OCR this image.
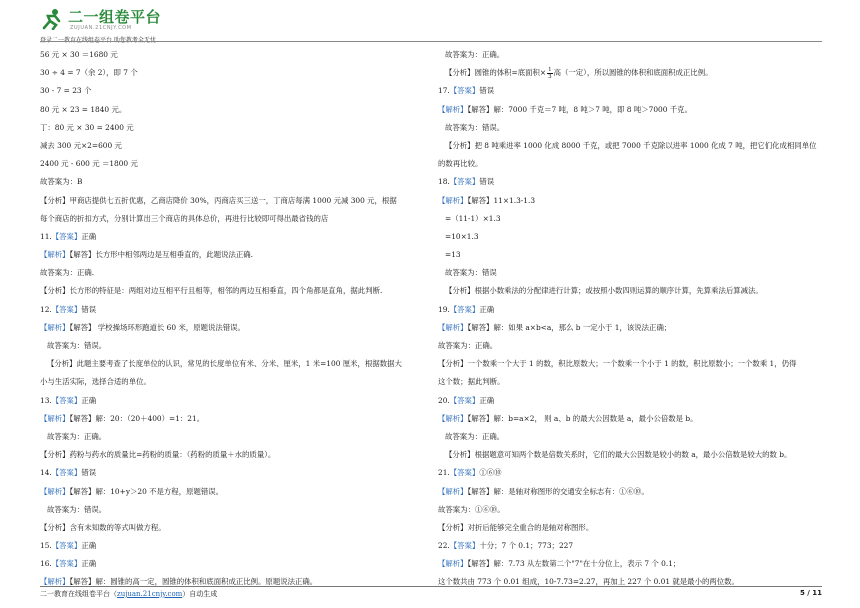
二一组卷平台
ZUJUAN.21CNJY.COM
登录二一教育在线组卷平台 助您教考全无忧
56 元 × 30 ＝1680 元
30 ÷ 4 = 7（余 2），即 7 个
30 - 7 = 23 个
80 元 × 23 = 1840 元。
丁：80 元 × 30 = 2400 元
减去 300 元×2=600 元
2400 元 - 600 元 ＝1800 元
故答案为：B
【分析】甲商店提供七五折优惠，乙商店降价 30%，丙商店买三送一，丁商店每满 1000 元减 300 元，根据
每个商店的折扣方式，分别计算出三个商店的具体总价，再进行比较即可得出最省钱的店
11.【答案】正确
【解析】【解答】长方形中相邻两边是互相垂直的，此题说法正确.
故答案为：正确.
【分析】长方形的特征是：两组对边互相平行且相等，相邻的两边互相垂直，四个角都是直角，据此判断.
12.【答案】错误
【解析】【解答】 学校操场环形跑道长 60 米，原题说法错误。
故答案为：错误。
【分析】此题主要考查了长度单位的认识，常见的长度单位有米、分米、厘米，1 米=100 厘米，根据数据大
小与生活实际，选择合适的单位。
13.【答案】正确
【解析】【解答】解：20：（20＋400）=1：21。
故答案为：正确。
【分析】药粉与药水的质量比=药粉的质量：（药粉的质量＋水的质量）。
14.【答案】错误
【解析】【解答】解：10+y＞20 不是方程，原题错误。
故答案为：错误。
【分析】含有未知数的等式叫做方程。
15.【答案】正确
16.【答案】正确
【解析】【解答】解：圆锥的高一定，圆锥的体积和底面积成正比例。原题说法正确。
故答案为：正确。
【分析】圆锥的体积=底面积× $\frac{1}{3}$ 高（一定），所以圆锥的体积和底面积成正比例。
17.【答案】错误
【解析】【解答】解：7000 千克＝7 吨，8 吨＞7 吨，即 8 吨＞7000 千克。
故答案为：错误。
【分析】把 8 吨乘进率 1000 化成 8000 千克，或把 7000 千克除以进率 1000 化成 7 吨，把它们化成相同单位
的数再比较。
18.【答案】错误
【解析】【解答】11×1.3-1.3
=（11-1）×1.3
=10×1.3
=13
故答案为：错误
【分析】根据小数乘法的分配律进行计算；或按照小数四则运算的顺序计算，先算乘法后算减法。
19.【答案】正确
【解析】【解答】解：如果 a×b<a，那么 b 一定小于 1，该说法正确；
故答案为：正确。
【分析】一个数乘一个大于 1 的数，积比原数大；一个数乘一个小于 1 的数，积比原数小；一个数乘 1，仍得
这个数；据此判断。
20.【答案】正确
【解析】【解答】解：b=a×2， 则 a、b 的最大公因数是 a，最小公倍数是 b。
故答案为：正确。
【分析】根据题意可知两个数是倍数关系时，它们的最大公因数是较小的数 a，最小公倍数是较大的数 b。
21.【答案】①⑥⑩
【解析】【解答】解：是轴对称图形的交通安全标志有：①⑥⑩。
故答案为：①⑥⑩。
【分析】对折后能够完全重合的是轴对称图形。
22.【答案】十分；7 个 0.1；773；227
【解析】【解答】解：7.73 从左数第二个"7"在十分位上，表示 7 个 0.1；
这个数共由 773 个 0.01 组成，10-7.73=2.27，再加上 227 个 0.01 就是最小的两位数。
二一教育在线组卷平台（zujuan.21cnjy.com）自动生成	5 / 11
